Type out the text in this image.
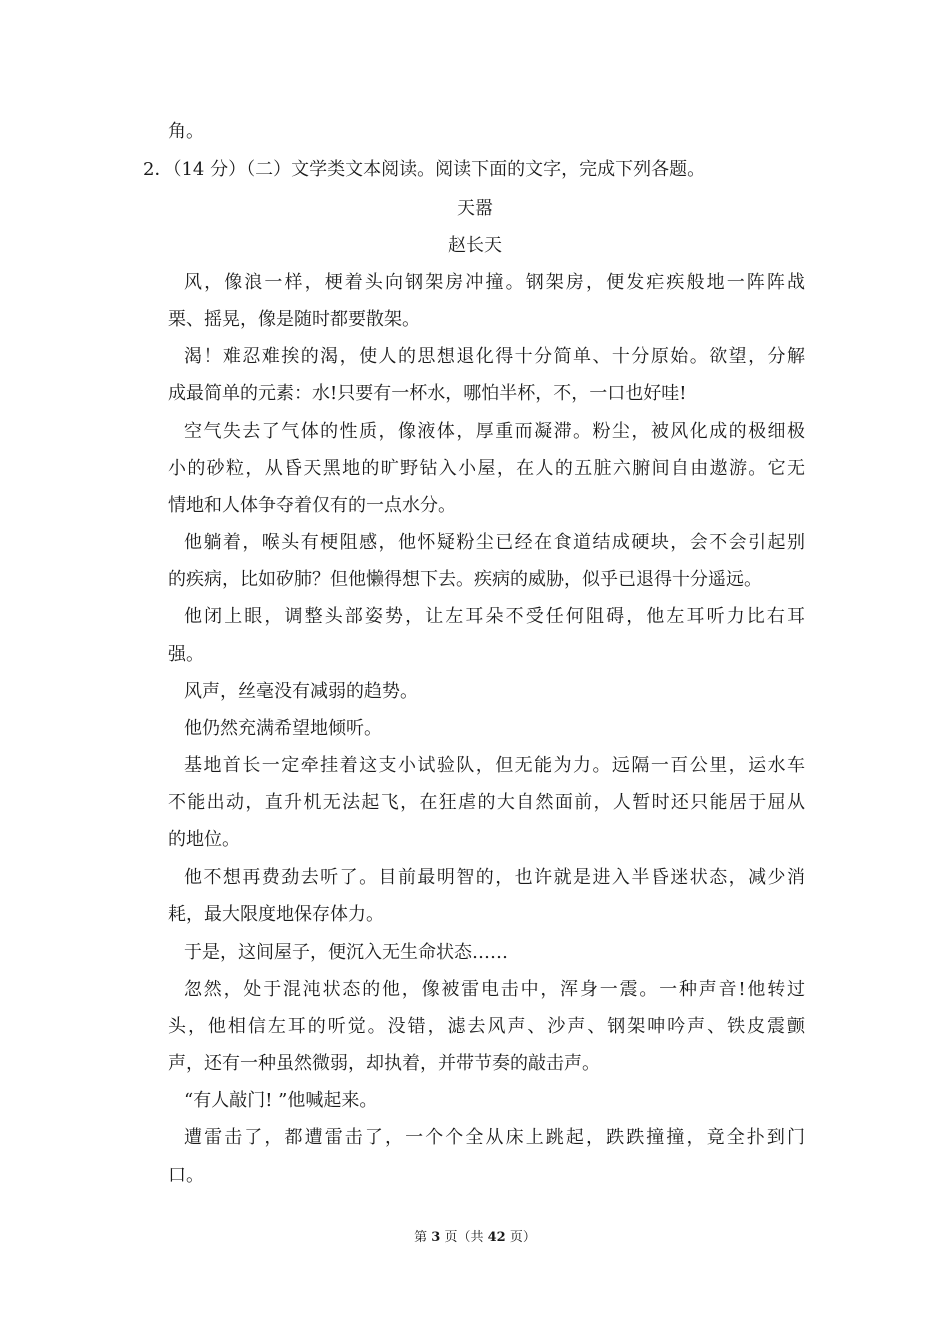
角。
2．（14 分）（二）文学类文本阅读。阅读下面的文字，完成下列各题。
天嚣
赵长天
风，像浪一样，梗着头向钢架房冲撞。钢架房，便发疟疾般地一阵阵战
栗、摇晃，像是随时都要散架。
渴！难忍难挨的渴，使人的思想退化得十分简单、十分原始。欲望，分解
成最简单的元素：水!只要有一杯水，哪怕半杯，不，一口也好哇!
空气失去了气体的性质，像液体，厚重而凝滞。粉尘，被风化成的极细极
小的砂粒，从昏天黑地的旷野钻入小屋，在人的五脏六腑间自由遨游。它无
情地和人体争夺着仅有的一点水分。
他躺着，喉头有梗阻感，他怀疑粉尘已经在食道结成硬块，会不会引起别
的疾病，比如矽肺？但他懒得想下去。疾病的威胁，似乎已退得十分遥远。
他闭上眼，调整头部姿势，让左耳朵不受任何阻碍，他左耳听力比右耳
强。
风声，丝毫没有减弱的趋势。
他仍然充满希望地倾听。
基地首长一定牵挂着这支小试验队，但无能为力。远隔一百公里，运水车
不能出动，直升机无法起飞，在狂虐的大自然面前，人暂时还只能居于屈从
的地位。
他不想再费劲去听了。目前最明智的，也许就是进入半昏迷状态，减少消
耗，最大限度地保存体力。
于是，这间屋子，便沉入无生命状态……
忽然，处于混沌状态的他，像被雷电击中，浑身一震。一种声音!他转过
头，他相信左耳的听觉。没错，滤去风声、沙声、钢架呻吟声、铁皮震颤
声，还有一种虽然微弱，却执着，并带节奏的敲击声。
“有人敲门! ”他喊起来。
遭雷击了，都遭雷击了，一个个全从床上跳起，跌跌撞撞，竟全扑到门
口。
第 3 页（共 42 页）
